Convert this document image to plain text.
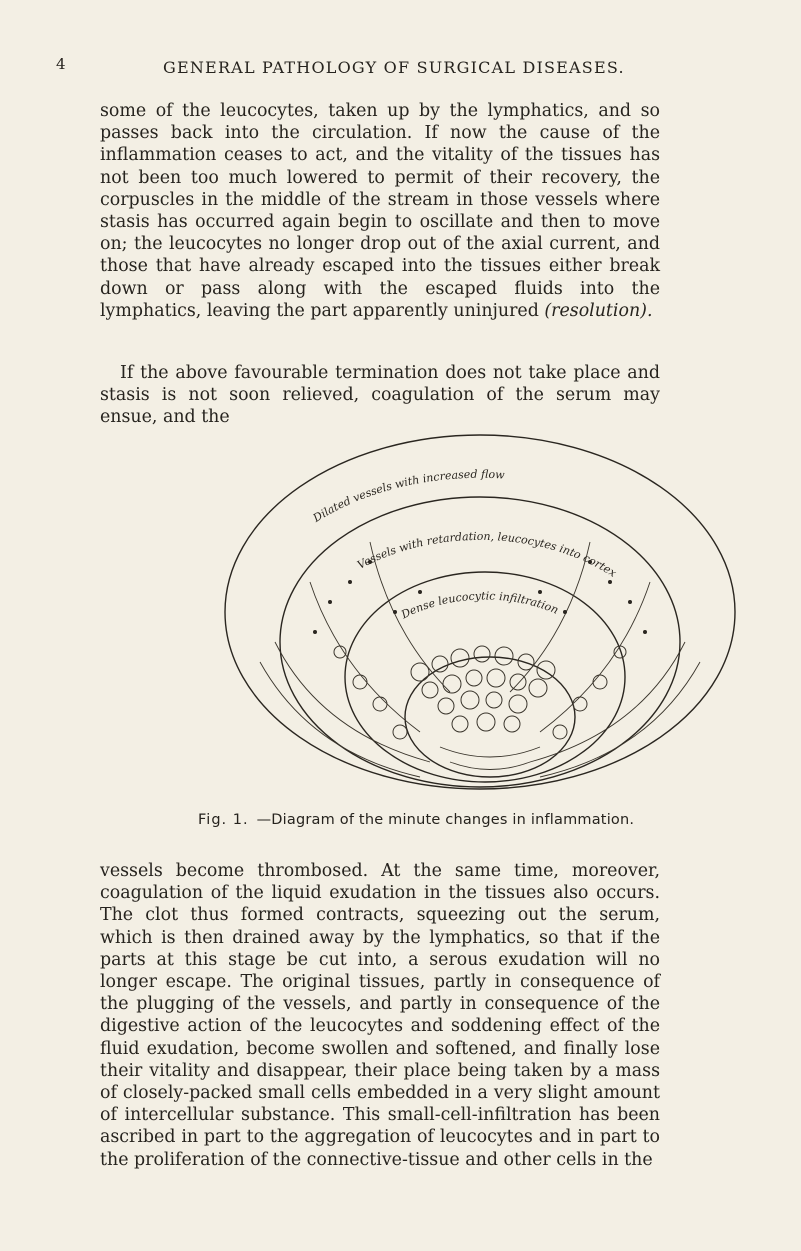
4	GENERAL PATHOLOGY OF SURGICAL DISEASES.

some of the leucocytes, taken up by the lymphatics, and so passes back into the circulation. If now the cause of the inflammation ceases to act, and the vitality of the tissues has not been too much lowered to permit of their recovery, the corpuscles in the middle of the stream in those vessels where stasis has occurred again begin to oscillate and then to move on; the leucocytes no longer drop out of the axial current, and those that have already escaped into the tissues either break down or pass along with the escaped fluids into the lymphatics, leaving the part apparently uninjured (resolution).

If the above favourable termination does not take place and stasis is not soon relieved, coagulation of the serum may ensue, and the

Dilated vessels with increased flow
Vessels with retardation, leucocytes into cortex
Dense leucocytic infiltration
Fig. 1. —Diagram of the minute changes in inflammation.

vessels become thrombosed. At the same time, moreover, coagulation of the liquid exudation in the tissues also occurs. The clot thus formed contracts, squeezing out the serum, which is then drained away by the lymphatics, so that if the parts at this stage be cut into, a serous exudation will no longer escape. The original tissues, partly in consequence of the plugging of the vessels, and partly in consequence of the digestive action of the leucocytes and soddening effect of the fluid exudation, become swollen and softened, and finally lose their vitality and disappear, their place being taken by a mass of closely-packed small cells embedded in a very slight amount of intercellular substance. This small-cell-infiltration has been ascribed in part to the aggregation of leucocytes and in part to the proliferation of the connective-tissue and other cells in the
